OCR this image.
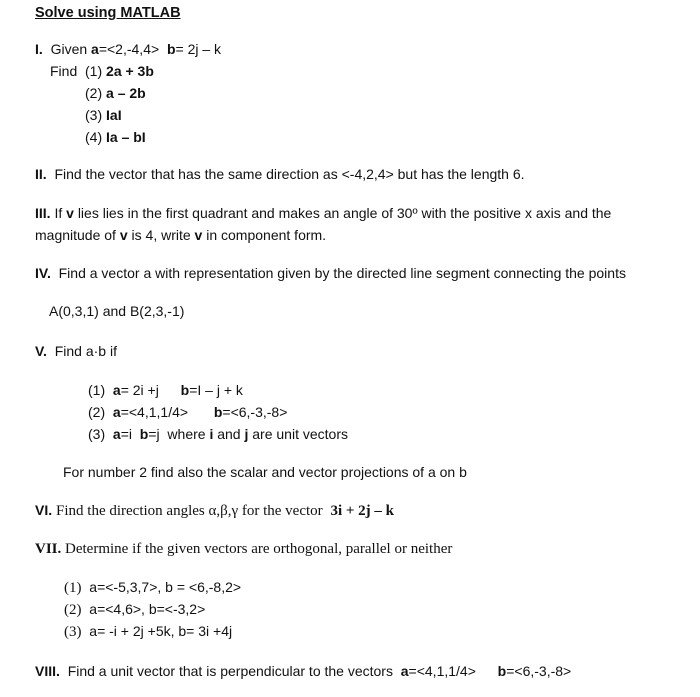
Solve using MATLAB
I. Given a=<2,-4,4> b= 2j – k
Find (1) 2a + 3b
(2) a – 2b
(3) IaI
(4) Ia – bI
II. Find the vector that has the same direction as <-4,2,4> but has the length 6.
III. If v lies lies in the first quadrant and makes an angle of 30º with the positive x axis and the
magnitude of v is 4, write v in component form.
IV. Find a vector a with representation given by the directed line segment connecting the points
A(0,3,1) and B(2,3,-1)
V. Find a·b if
(1) a= 2i +j b=I – j + k
(2) a=<4,1,1/4> b=<6,-3,-8>
(3) a=i b=j where i and j are unit vectors
For number 2 find also the scalar and vector projections of a on b
VI. Find the direction angles α,β,γ for the vector 3i + 2j – k
VII. Determine if the given vectors are orthogonal, parallel or neither
(1) a=<-5,3,7>, b = <6,-8,2>
(2) a=<4,6>, b=<-3,2>
(3) a= -i + 2j +5k, b= 3i +4j
VIII. Find a unit vector that is perpendicular to the vectors a=<4,1,1/4> b=<6,-3,-8>
